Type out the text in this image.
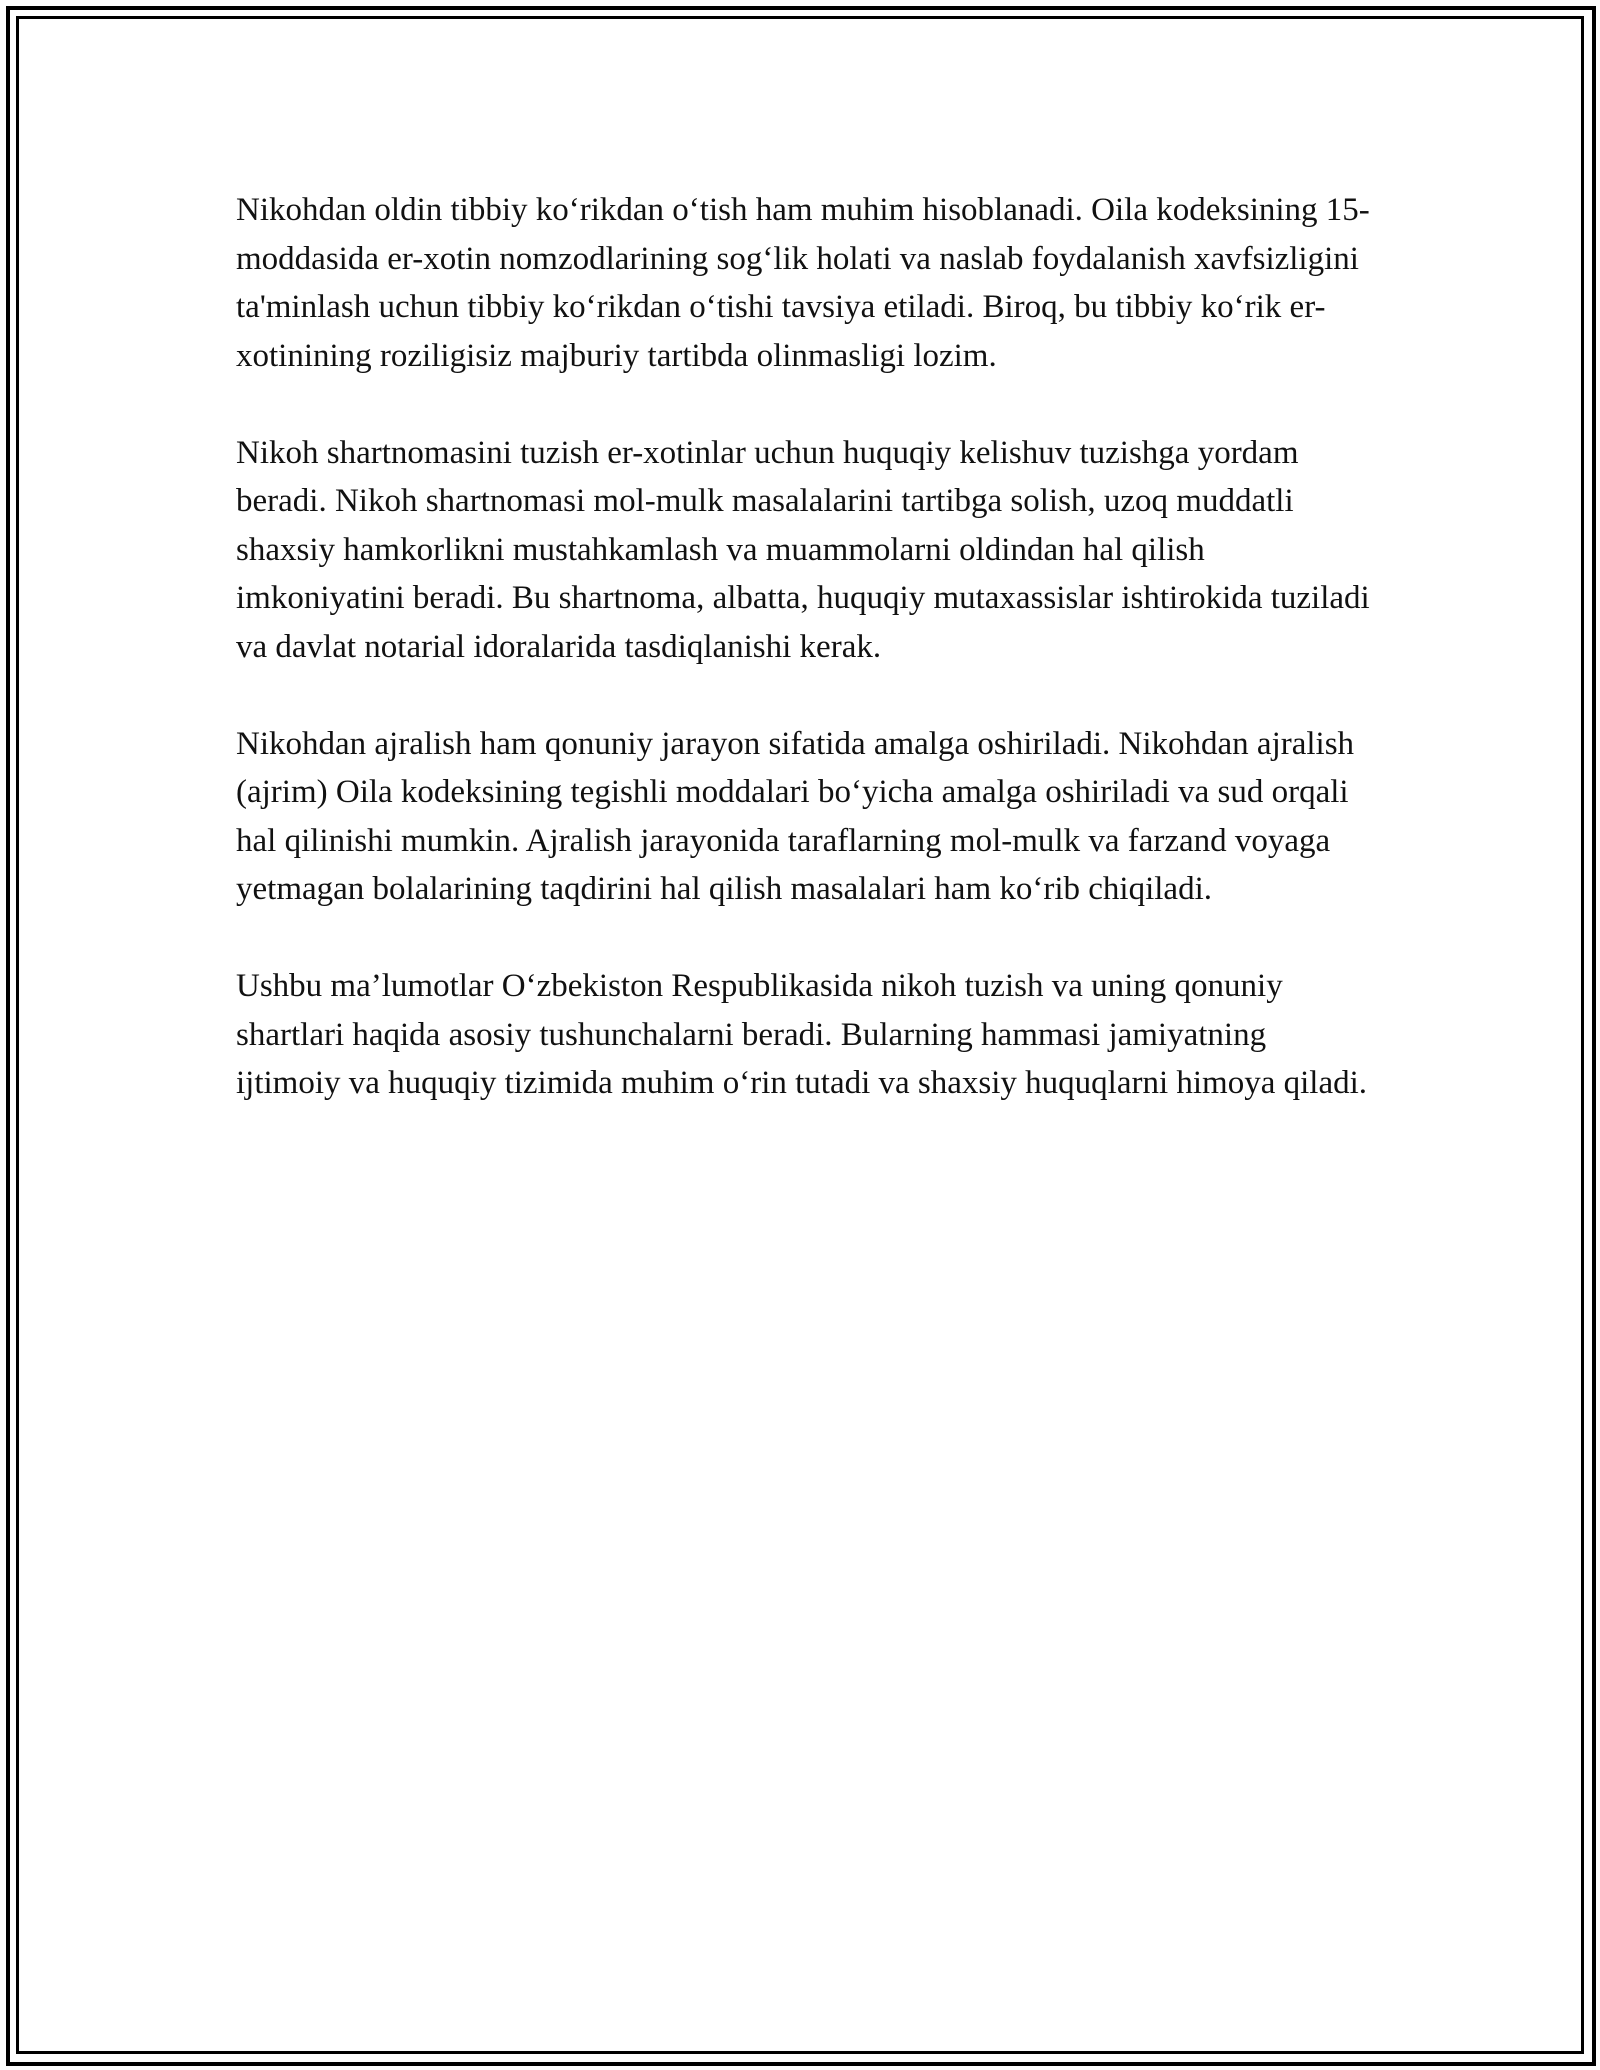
Nikohdan oldin tibbiy ko‘rikdan o‘tish ham muhim hisoblanadi. Oila kodeksining 15-moddasida er-xotin nomzodlarining sog‘lik holati va naslab foydalanish xavfsizligini ta'minlash uchun tibbiy ko‘rikdan o‘tishi tavsiya etiladi. Biroq, bu tibbiy ko‘rik er-xotinining roziligisiz majburiy tartibda olinmasligi lozim.

Nikoh shartnomasini tuzish er-xotinlar uchun huquqiy kelishuv tuzishga yordam beradi. Nikoh shartnomasi mol-mulk masalalarini tartibga solish, uzoq muddatli shaxsiy hamkorlikni mustahkamlash va muammolarni oldindan hal qilish imkoniyatini beradi. Bu shartnoma, albatta, huquqiy mutaxassislar ishtirokida tuziladi va davlat notarial idoralarida tasdiqlanishi kerak.

Nikohdan ajralish ham qonuniy jarayon sifatida amalga oshiriladi. Nikohdan ajralish (ajrim) Oila kodeksining tegishli moddalari bo‘yicha amalga oshiriladi va sud orqali hal qilinishi mumkin. Ajralish jarayonida taraflarning mol-mulk va farzand voyaga yetmagan bolalarining taqdirini hal qilish masalalari ham ko‘rib chiqiladi.

Ushbu ma’lumotlar O‘zbekiston Respublikasida nikoh tuzish va uning qonuniy shartlari haqida asosiy tushunchalarni beradi. Bularning hammasi jamiyatning ijtimoiy va huquqiy tizimida muhim o‘rin tutadi va shaxsiy huquqlarni himoya qiladi.
